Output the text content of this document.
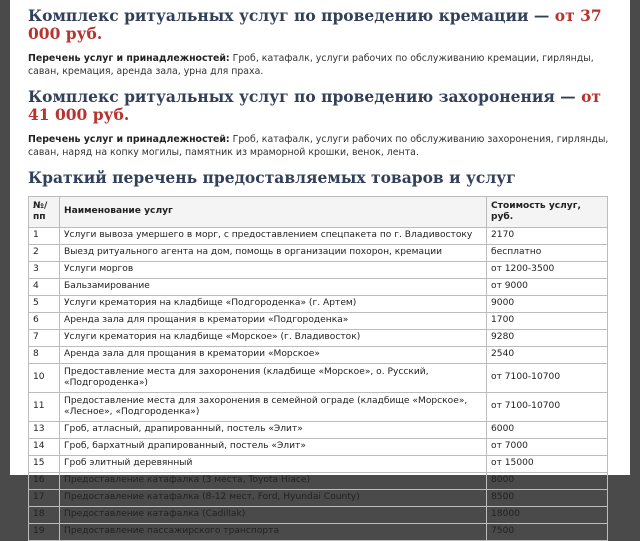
Комплекс ритуальных услуг по проведению кремации — от 37 000 руб.

Перечень услуг и принадлежностей: Гроб, катафалк, услуги рабочих по обслуживанию кремации, гирлянды, саван, кремация, аренда зала, урна для праха.

Комплекс ритуальных услуг по проведению захоронения — от 41 000 руб.

Перечень услуг и принадлежностей: Гроб, катафалк, услуги рабочих по обслуживанию захоронения, гирлянды, саван, наряд на копку могилы, памятник из мраморной крошки, венок, лента.

Краткий перечень предоставляемых товаров и услуг
№/пп	Наименование услуг	Стоимость услуг, руб.
1	Услуги вывоза умершего в морг, с предоставлением спецпакета по г. Владивостоку	2170
2	Выезд ритуального агента на дом, помощь в организации похорон, кремации	бесплатно
3	Услуги моргов	от 1200-3500
4	Бальзамирование	от 9000
5	Услуги крематория на кладбище «Подгороденка» (г. Артем)	9000
6	Аренда зала для прощания в крематории «Подгороденка»	1700
7	Услуги крематория на кладбище «Морское» (г. Владивосток)	9280
8	Аренда зала для прощания в крематории «Морское»	2540
10	Предоставление места для захоронения (кладбище «Морское», о. Русский, «Подгороденка»)	от 7100-10700
11	Предоставление места для захоронения в семейной ограде (кладбище «Морское», «Лесное», «Подгороденка»)	от 7100-10700
13	Гроб, атласный, драпированный, постель «Элит»	6000
14	Гроб, бархатный драпированный, постель «Элит»	от 7000
15	Гроб элитный деревянный	от 15000
16	Предоставление катафалка (3 места, Toyota Hiace)	8000
17	Предоставление катафалка (8-12 мест, Ford, Hyundai County)	8500
18	Предоставление катафалка (Cadillak)	18000
19	Предоставление пассажирского транспорта	7500
